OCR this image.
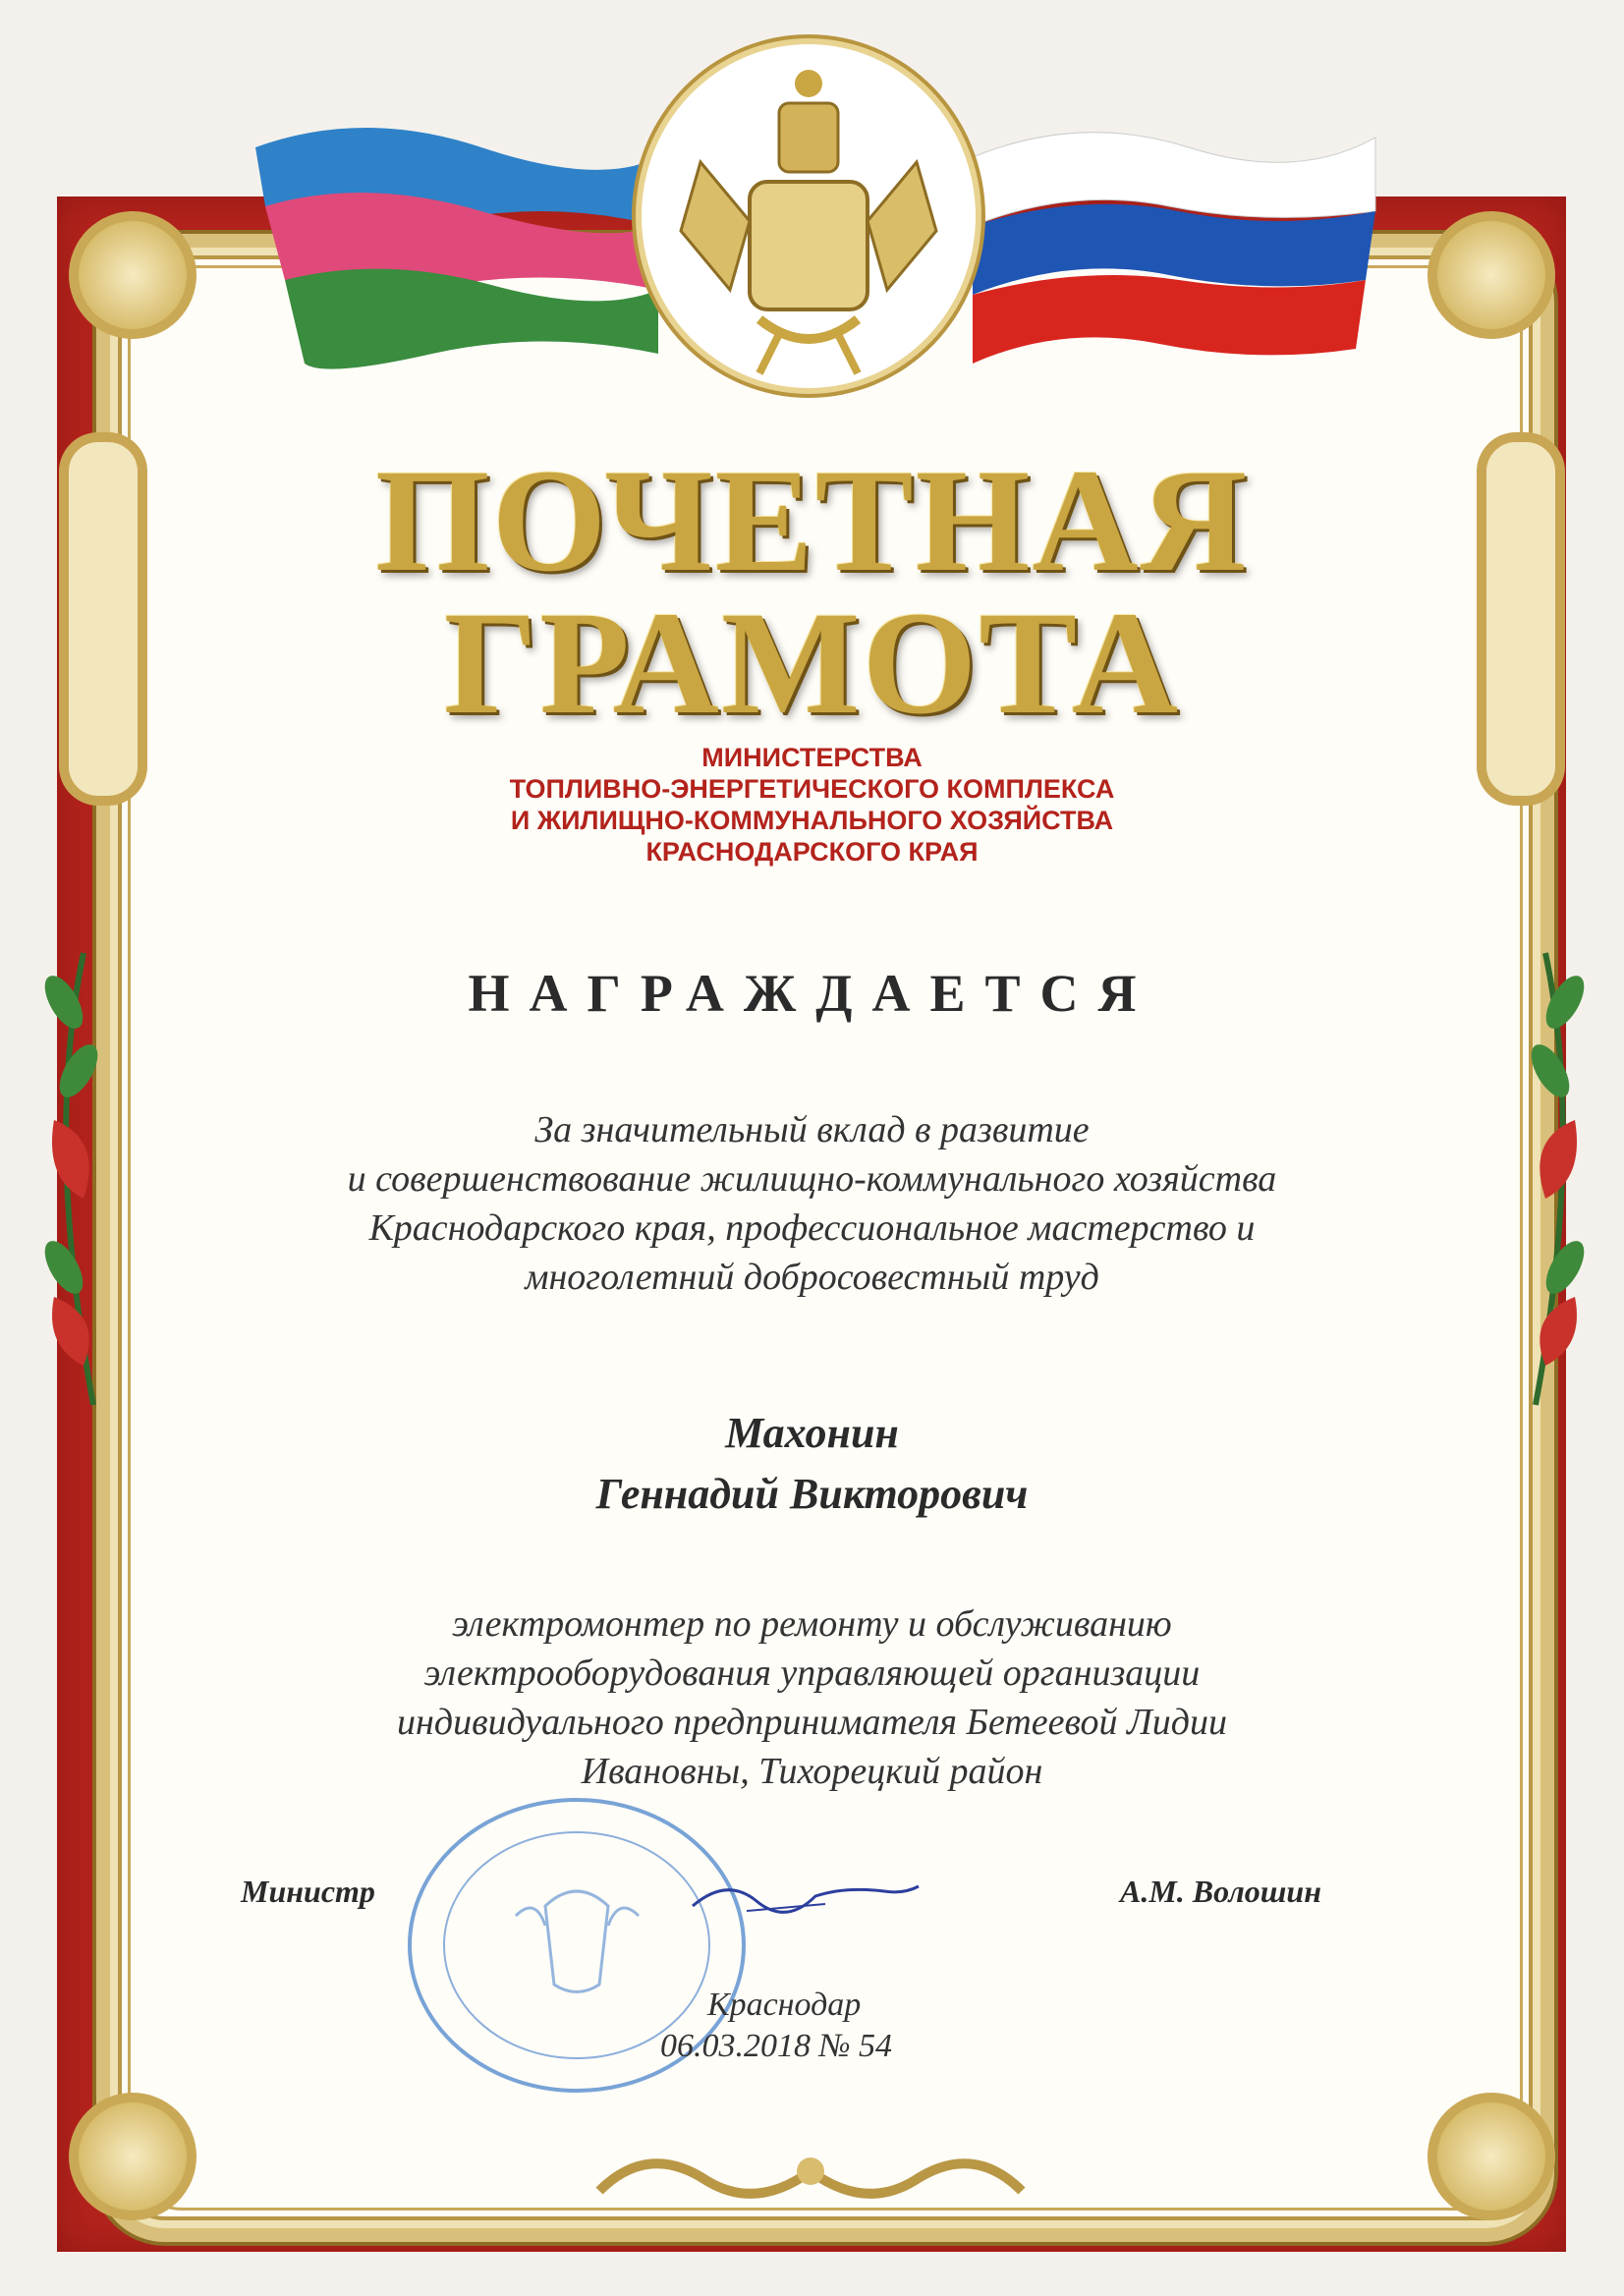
ПОЧЕТНАЯ
ГРАМОТА
МИНИСТЕРСТВА
ТОПЛИВНО-ЭНЕРГЕТИЧЕСКОГО КОМПЛЕКСА
И ЖИЛИЩНО-КОММУНАЛЬНОГО ХОЗЯЙСТВА
КРАСНОДАРСКОГО КРАЯ
НАГРАЖДАЕТСЯ
За значительный вклад в развитие
и совершенствование жилищно-коммунального хозяйства
Краснодарского края, профессиональное мастерство и
многолетний добросовестный труд
Махонин
Геннадий Викторович
электромонтер по ремонту и обслуживанию
электрооборудования управляющей организации
индивидуального предпринимателя Бетеевой Лидии
Ивановны, Тихорецкий район
Министр	А.М. Волошин
Краснодар
06.03.2018 № 54
